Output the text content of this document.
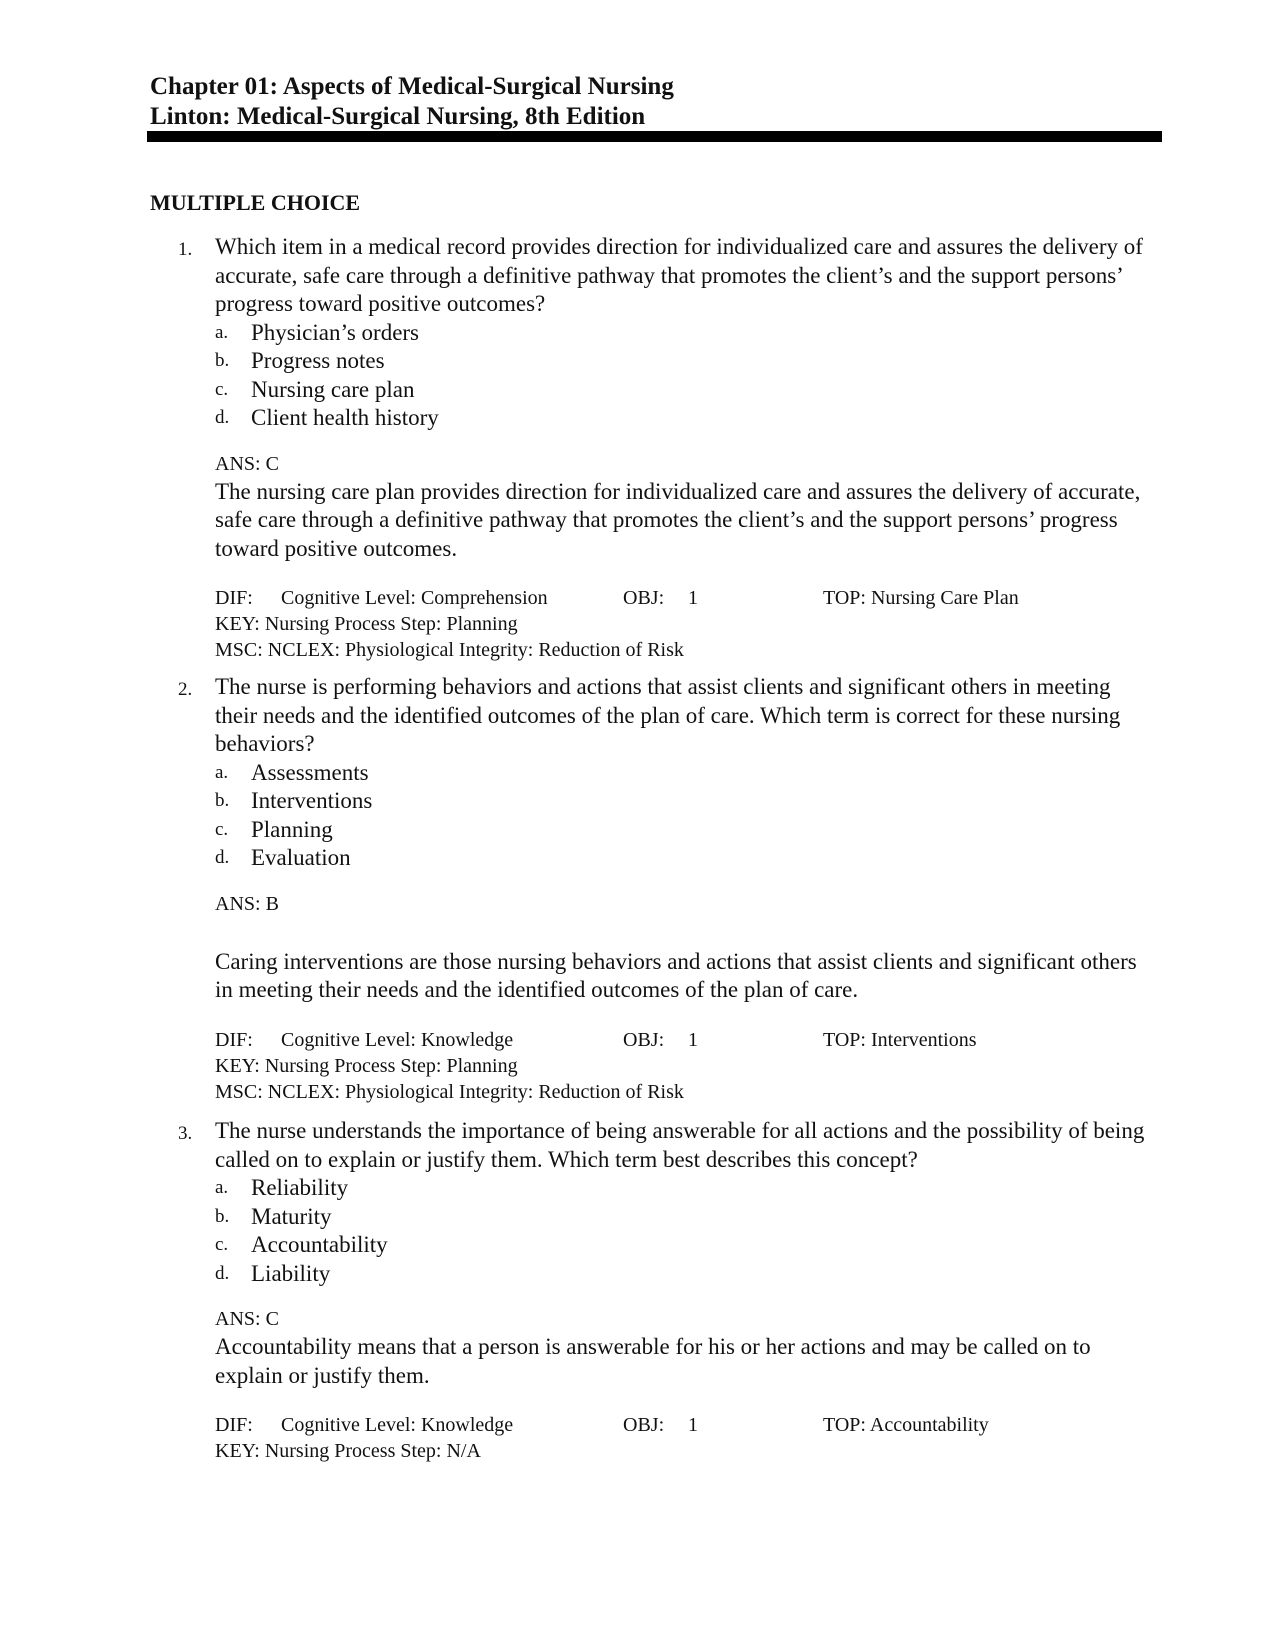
Chapter 01: Aspects of Medical-Surgical Nursing
Linton: Medical-Surgical Nursing, 8th Edition
MULTIPLE CHOICE
1. Which item in a medical record provides direction for individualized care and assures the delivery of accurate, safe care through a definitive pathway that promotes the client’s and the support persons’ progress toward positive outcomes?

a. Physician’s orders
b. Progress notes
c. Nursing care plan
d. Client health history
ANS: C

The nursing care plan provides direction for individualized care and assures the delivery of accurate, safe care through a definitive pathway that promotes the client’s and the support persons’ progress toward positive outcomes.

DIF: Cognitive Level: Comprehension	OBJ: 1	TOP: Nursing Care Plan
KEY: Nursing Process Step: Planning
MSC: NCLEX: Physiological Integrity: Reduction of Risk
2. The nurse is performing behaviors and actions that assist clients and significant others in meeting their needs and the identified outcomes of the plan of care. Which term is correct for these nursing behaviors?

a. Assessments
b. Interventions
c. Planning
d. Evaluation
ANS: B

Caring interventions are those nursing behaviors and actions that assist clients and significant others in meeting their needs and the identified outcomes of the plan of care.

DIF: Cognitive Level: Knowledge	OBJ: 1	TOP: Interventions
KEY: Nursing Process Step: Planning
MSC: NCLEX: Physiological Integrity: Reduction of Risk
3. The nurse understands the importance of being answerable for all actions and the possibility of being called on to explain or justify them. Which term best describes this concept?

a. Reliability
b. Maturity
c. Accountability
d. Liability
ANS: C

Accountability means that a person is answerable for his or her actions and may be called on to explain or justify them.

DIF: Cognitive Level: Knowledge	OBJ: 1	TOP: Accountability
KEY: Nursing Process Step: N/A
